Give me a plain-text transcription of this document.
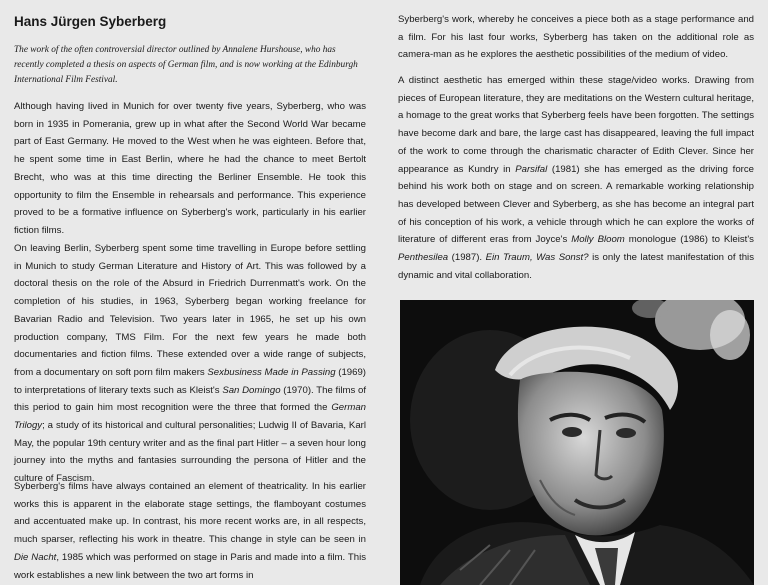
Hans Jürgen Syberberg

The work of the often controversial director outlined by Annalene Hurshouse, who has recently completed a thesis on aspects of German film, and is now working at the Edinburgh International Film Festival.

Although having lived in Munich for over twenty five years, Syberberg, who was born in 1935 in Pomerania, grew up in what after the Second World War became part of East Germany. He moved to the West when he was eighteen. Before that, he spent some time in East Berlin, where he had the chance to meet Bertolt Brecht, who was at this time directing the Berliner Ensemble. He took this opportunity to film the Ensemble in rehearsals and performance. This experience proved to be a formative influence on Syberberg's work, particularly in his earlier fiction films.

On leaving Berlin, Syberberg spent some time travelling in Europe before settling in Munich to study German Literature and History of Art. This was followed by a doctoral thesis on the role of the Absurd in Friedrich Durrenmatt's work. On the completion of his studies, in 1963, Syberberg began working freelance for Bavarian Radio and Television. Two years later in 1965, he set up his own production company, TMS Film. For the next few years he made both documentaries and fiction films. These extended over a wide range of subjects, from a documentary on soft porn film makers Sexbusiness Made in Passing (1969) to interpretations of literary texts such as Kleist's San Domingo (1970). The films of this period to gain him most recognition were the three that formed the German Trilogy; a study of its historical and cultural personalities; Ludwig II of Bavaria, Karl May, the popular 19th century writer and as the final part Hitler – a seven hour long journey into the myths and fantasies surrounding the persona of Hitler and the culture of Fascism.

Syberberg's films have always contained an element of theatricality. In his earlier works this is apparent in the elaborate stage settings, the flamboyant costumes and accentuated make up. In contrast, his more recent works are, in all respects, much sparser, reflecting his work in theatre. This change in style can be seen in Die Nacht, 1985 which was performed on stage in Paris and made into a film. This work establishes a new link between the two art forms in

Syberberg's work, whereby he conceives a piece both as a stage performance and a film. For his last four works, Syberberg has taken on the additional role as camera-man as he explores the aesthetic possibilities of the medium of video.

A distinct aesthetic has emerged within these stage/video works. Drawing from pieces of European literature, they are meditations on the Western cultural heritage, a homage to the great works that Syberberg feels have been forgotten. The settings have become dark and bare, the large cast has disappeared, leaving the full impact of the work to come through the charismatic character of Edith Clever. Since her appearance as Kundry in Parsifal (1981) she has emerged as the driving force behind his work both on stage and on screen. A remarkable working relationship has developed between Clever and Syberberg, as she has become an integral part of his conception of his work, a vehicle through which he can explore the works of literature of different eras from Joyce's Molly Bloom monologue (1986) to Kleist's Penthesilea (1987). Ein Traum, Was Sonst? is only the latest manifestation of this dynamic and vital collaboration.
